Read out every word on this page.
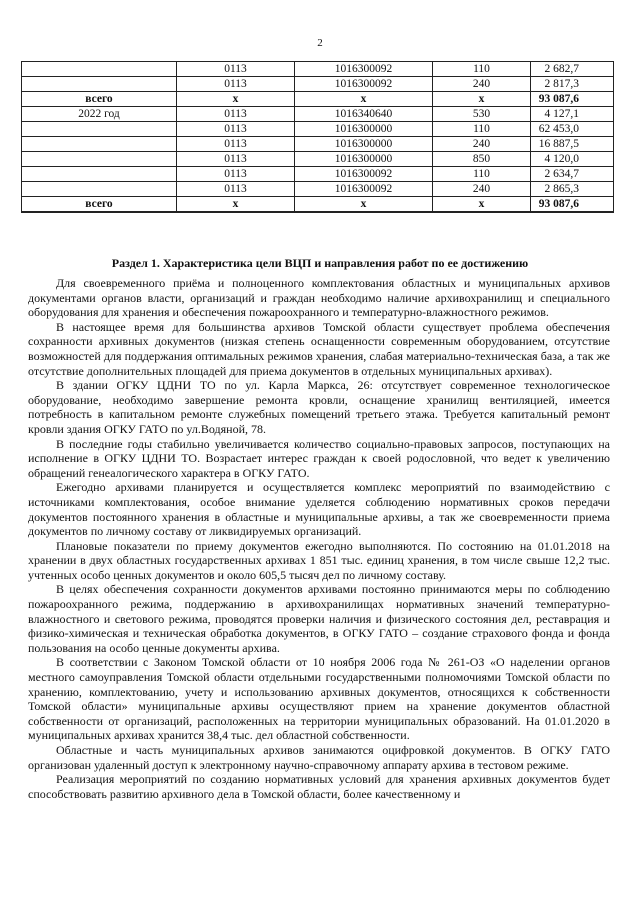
2
	0113	1016300092	110	2 682,7
	0113	1016300092	240	2 817,3
всего	x	x	x	93 087,6
2022 год	0113	1016340640	530	4 127,1
	0113	1016300000	110	62 453,0
	0113	1016300000	240	16 887,5
	0113	1016300000	850	4 120,0
	0113	1016300092	110	2 634,7
	0113	1016300092	240	2 865,3
всего	x	x	x	93 087,6
Раздел 1. Характеристика цели ВЦП и направления работ по ее достижению

Для своевременного приёма и полноценного комплектования областных и муниципальных архивов документами органов власти, организаций и граждан необходимо наличие архивохранилищ и специального оборудования для хранения и обеспечения пожароохранного и температурно-влажностного режимов.

В настоящее время для большинства архивов Томской области существует проблема обеспечения сохранности архивных документов (низкая степень оснащенности современным оборудованием, отсутствие возможностей для поддержания оптимальных режимов хранения, слабая материально-техническая база, а так же отсутствие дополнительных площадей для приема документов в отдельных муниципальных архивах).

В здании ОГКУ ЦДНИ ТО по ул. Карла Маркса, 26: отсутствует современное технологическое оборудование, необходимо завершение ремонта кровли, оснащение хранилищ вентиляцией, имеется потребность в капитальном ремонте служебных помещений третьего этажа. Требуется капитальный ремонт кровли здания ОГКУ ГАТО по ул.Водяной, 78.

В последние годы стабильно увеличивается количество социально-правовых запросов, поступающих на исполнение в ОГКУ ЦДНИ ТО. Возрастает интерес граждан к своей родословной, что ведет к увеличению обращений генеалогического характера в ОГКУ ГАТО.

Ежегодно архивами планируется и осуществляется комплекс мероприятий по взаимодействию с источниками комплектования, особое внимание уделяется соблюдению нормативных сроков передачи документов постоянного хранения в областные и муниципальные архивы, а так же своевременности приема документов по личному составу от ликвидируемых организаций.

Плановые показатели по приему документов ежегодно выполняются. По состоянию на 01.01.2018 на хранении в двух областных государственных архивах 1 851 тыс. единиц хранения, в том числе свыше 12,2 тыс. учтенных особо ценных документов и около 605,5 тысяч дел по личному составу.

В целях обеспечения сохранности документов архивами постоянно принимаются меры по соблюдению пожароохранного режима, поддержанию в архивохранилищах нормативных значений температурно-влажностного и светового режима, проводятся проверки наличия и физического состояния дел, реставрация и физико-химическая и техническая обработка документов, в ОГКУ ГАТО – создание страхового фонда и фонда пользования на особо ценные документы архива.

В соответствии с Законом Томской области от 10 ноября 2006 года № 261-ОЗ «О наделении органов местного самоуправления Томской области отдельными государственными полномочиями Томской области по хранению, комплектованию, учету и использованию архивных документов, относящихся к собственности Томской области» муниципальные архивы осуществляют прием на хранение документов областной собственности от организаций, расположенных на территории муниципальных образований. На 01.01.2020 в муниципальных архивах хранится 38,4 тыс. дел областной собственности.

Областные и часть муниципальных архивов занимаются оцифровкой документов. В ОГКУ ГАТО организован удаленный доступ к электронному научно-справочному аппарату архива в тестовом режиме.

Реализация мероприятий по созданию нормативных условий для хранения архивных документов будет способствовать развитию архивного дела в Томской области, более качественному и
